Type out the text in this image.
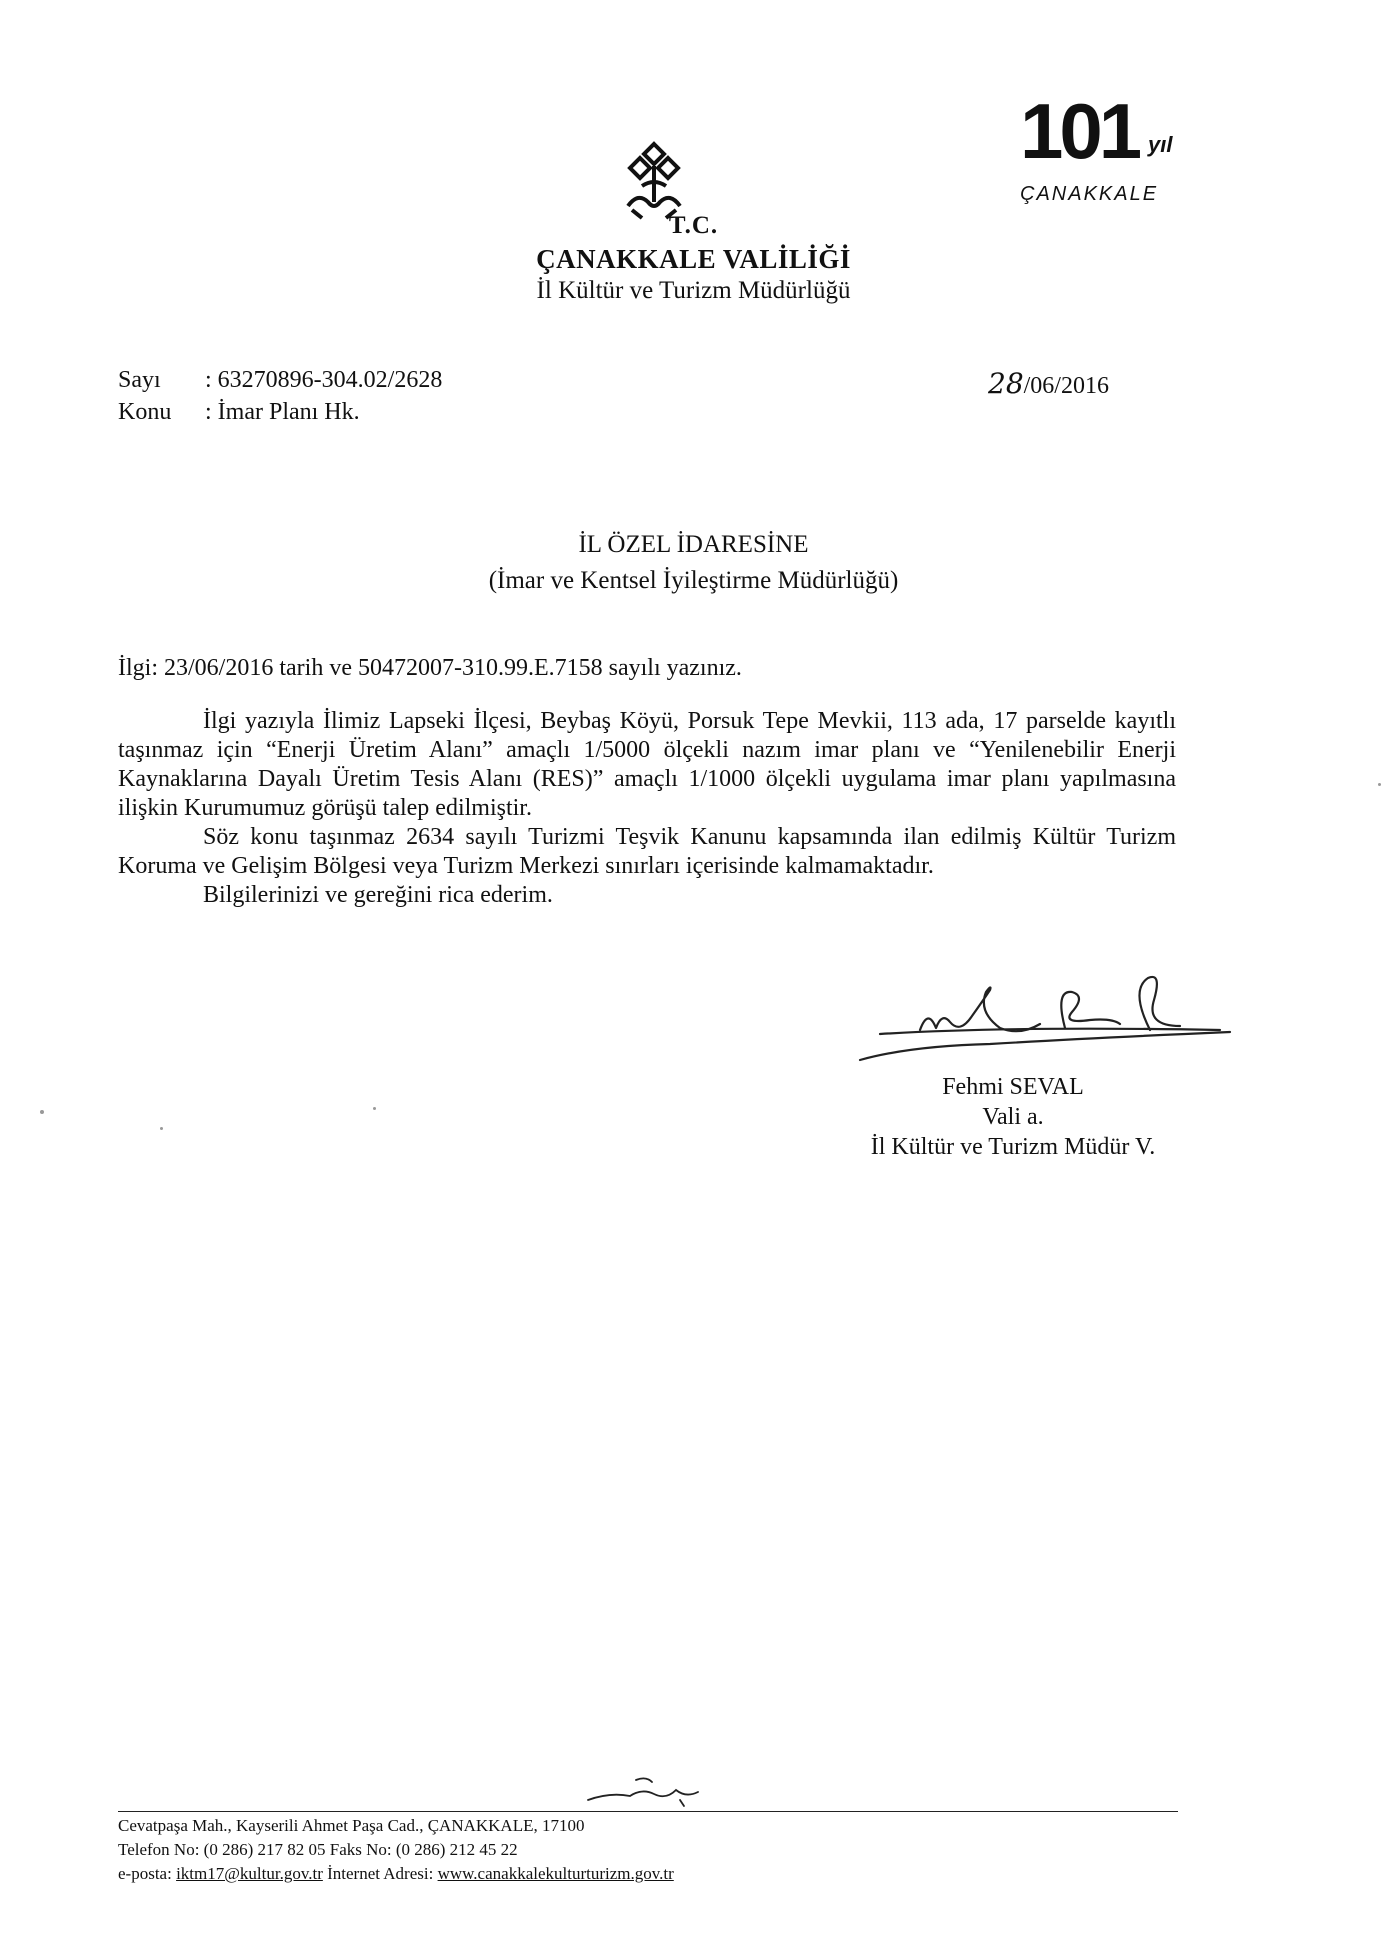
T.C.
ÇANAKKALE VALİLİĞİ
İl Kültür ve Turizm Müdürlüğü
101 yıl
ÇANAKKALE
Sayı : 63270896-304.02/2628
Konu : İmar Planı Hk.
28/06/2016
İL ÖZEL İDARESİNE
(İmar ve Kentsel İyileştirme Müdürlüğü)
İlgi: 23/06/2016 tarih ve 50472007-310.99.E.7158 sayılı yazınız.

İlgi yazıyla İlimiz Lapseki İlçesi, Beybaş Köyü, Porsuk Tepe Mevkii, 113 ada, 17 parselde kayıtlı taşınmaz için “Enerji Üretim Alanı” amaçlı 1/5000 ölçekli nazım imar planı ve “Yenilenebilir Enerji Kaynaklarına Dayalı Üretim Tesis Alanı (RES)” amaçlı 1/1000 ölçekli uygulama imar planı yapılmasına ilişkin Kurumumuz görüşü talep edilmiştir.

Söz konu taşınmaz 2634 sayılı Turizmi Teşvik Kanunu kapsamında ilan edilmiş Kültür Turizm Koruma ve Gelişim Bölgesi veya Turizm Merkezi sınırları içerisinde kalmamaktadır.

Bilgilerinizi ve gereğini rica ederim.

Fehmi SEVAL
Vali a.
İl Kültür ve Turizm Müdür V.
Cevatpaşa Mah., Kayserili Ahmet Paşa Cad., ÇANAKKALE, 17100
Telefon No: (0 286) 217 82 05 Faks No: (0 286) 212 45 22
e-posta: iktm17@kultur.gov.tr İnternet Adresi: www.canakkalekulturturizm.gov.tr
